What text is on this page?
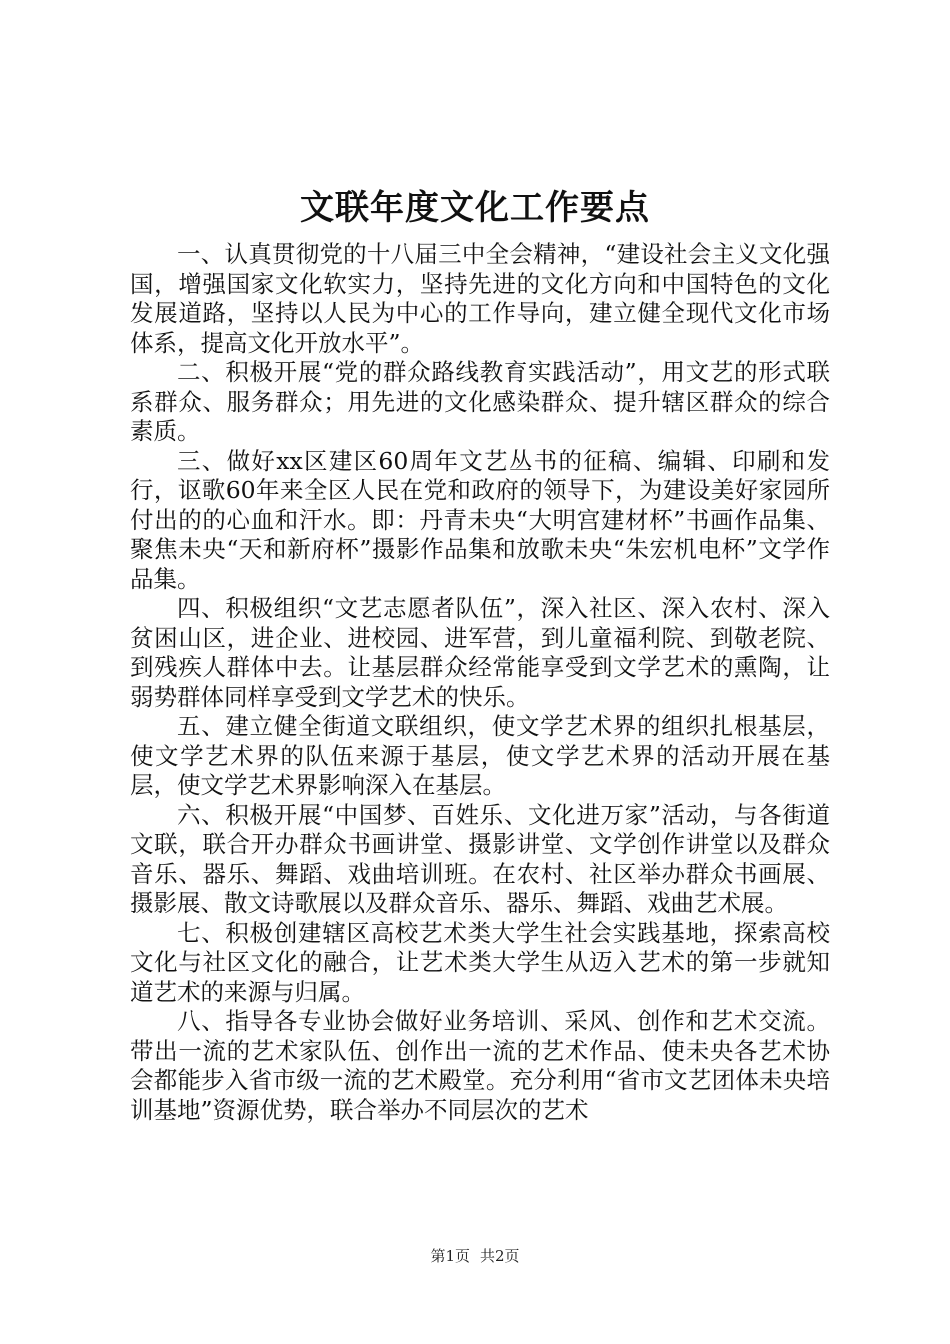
文联年度文化工作要点

一、认真贯彻党的十八届三中全会精神，“建设社会主义文化强国，增强国家文化软实力，坚持先进的文化方向和中国特色的文化发展道路，坚持以人民为中心的工作导向，建立健全现代文化市场体系，提高文化开放水平”。

二、积极开展“党的群众路线教育实践活动”，用文艺的形式联系群众、服务群众；用先进的文化感染群众、提升辖区群众的综合素质。

三、做好xx区建区60周年文艺丛书的征稿、编辑、印刷和发行，讴歌60年来全区人民在党和政府的领导下，为建设美好家园所付出的的心血和汗水。即：丹青未央“大明宫建材杯”书画作品集、聚焦未央“天和新府杯”摄影作品集和放歌未央“朱宏机电杯”文学作品集。

四、积极组织“文艺志愿者队伍”，深入社区、深入农村、深入贫困山区，进企业、进校园、进军营，到儿童福利院、到敬老院、到残疾人群体中去。让基层群众经常能享受到文学艺术的熏陶，让弱势群体同样享受到文学艺术的快乐。

五、建立健全街道文联组织，使文学艺术界的组织扎根基层，使文学艺术界的队伍来源于基层，使文学艺术界的活动开展在基层，使文学艺术界影响深入在基层。

六、积极开展“中国梦、百姓乐、文化进万家”活动，与各街道文联，联合开办群众书画讲堂、摄影讲堂、文学创作讲堂以及群众音乐、器乐、舞蹈、戏曲培训班。在农村、社区举办群众书画展、摄影展、散文诗歌展以及群众音乐、器乐、舞蹈、戏曲艺术展。

七、积极创建辖区高校艺术类大学生社会实践基地，探索高校文化与社区文化的融合，让艺术类大学生从迈入艺术的第一步就知道艺术的来源与归属。

八、指导各专业协会做好业务培训、采风、创作和艺术交流。带出一流的艺术家队伍、创作出一流的艺术作品、使未央各艺术协会都能步入省市级一流的艺术殿堂。充分利用“省市文艺团体未央培训基地”资源优势，联合举办不同层次的艺术

第1页 共2页
